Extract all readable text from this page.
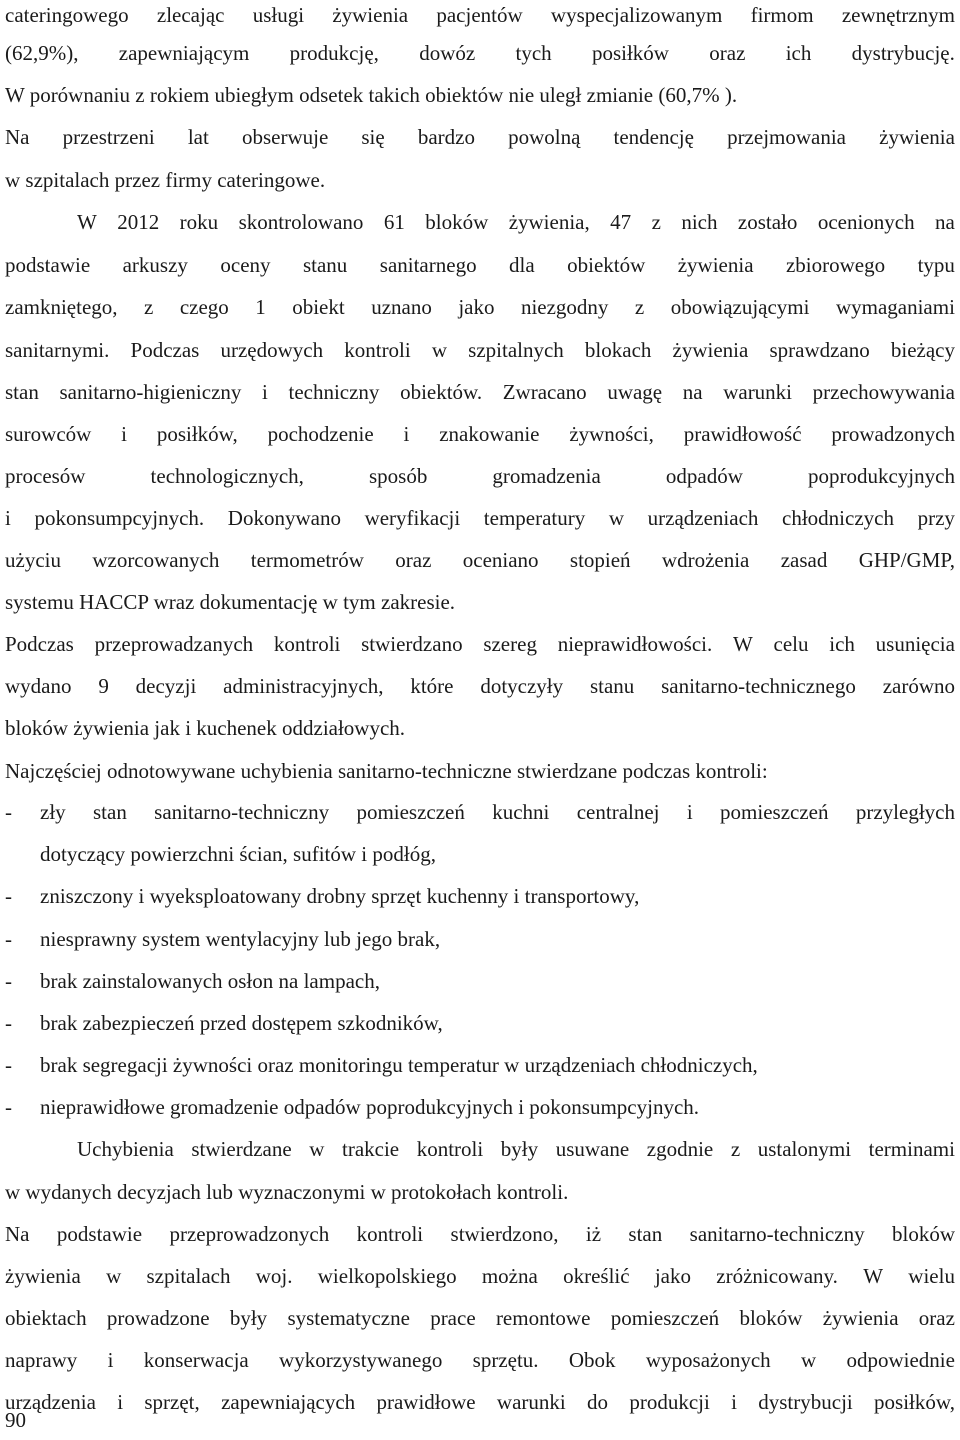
cateringowego zlecając usługi żywienia pacjentów wyspecjalizowanym firmom zewnętrznym
(62,9%), zapewniającym produkcję, dowóz tych posiłków oraz ich dystrybucję.
W porównaniu z rokiem ubiegłym odsetek takich obiektów nie uległ zmianie (60,7% ).
Na przestrzeni lat obserwuje się bardzo powolną tendencję przejmowania żywienia
w szpitalach przez firmy cateringowe.
W 2012 roku skontrolowano 61 bloków żywienia, 47 z nich zostało ocenionych na
podstawie arkuszy oceny stanu sanitarnego dla obiektów żywienia zbiorowego typu
zamkniętego, z czego 1 obiekt uznano jako niezgodny z obowiązującymi wymaganiami
sanitarnymi. Podczas urzędowych kontroli w szpitalnych blokach żywienia sprawdzano bieżący
stan sanitarno-higieniczny i techniczny obiektów. Zwracano uwagę na warunki przechowywania
surowców i posiłków, pochodzenie i znakowanie żywności, prawidłowość prowadzonych
procesów	technologicznych,	sposób	gromadzenia	odpadów	poprodukcyjnych
i pokonsumpcyjnych. Dokonywano weryfikacji temperatury w urządzeniach chłodniczych przy
użyciu wzorcowanych termometrów oraz oceniano stopień wdrożenia zasad GHP/GMP,
systemu HACCP wraz dokumentację w tym zakresie.
Podczas przeprowadzanych kontroli stwierdzano szereg nieprawidłowości. W celu ich usunięcia
wydano 9 decyzji administracyjnych, które dotyczyły stanu sanitarno-technicznego zarówno
bloków żywienia jak i kuchenek oddziałowych.
Najczęściej odnotowywane uchybienia sanitarno-techniczne stwierdzane podczas kontroli:
-	zły stan sanitarno-techniczny pomieszczeń kuchni centralnej i pomieszczeń przyległych
dotyczący powierzchni ścian, sufitów i podłóg,
-	zniszczony i wyeksploatowany drobny sprzęt kuchenny i transportowy,
-	niesprawny system wentylacyjny lub jego brak,
-	brak zainstalowanych osłon na lampach,
-	brak zabezpieczeń przed dostępem szkodników,
-	brak segregacji żywności oraz monitoringu temperatur w urządzeniach chłodniczych,
-	nieprawidłowe gromadzenie odpadów poprodukcyjnych i pokonsumpcyjnych.
Uchybienia stwierdzane w trakcie kontroli były usuwane zgodnie z ustalonymi terminami
w wydanych decyzjach lub wyznaczonymi w protokołach kontroli.
Na podstawie przeprowadzonych kontroli stwierdzono, iż stan sanitarno-techniczny bloków
żywienia w szpitalach woj. wielkopolskiego można określić jako zróżnicowany. W wielu
obiektach prowadzone były systematyczne prace remontowe pomieszczeń bloków żywienia oraz
naprawy i konserwacja wykorzystywanego sprzętu. Obok wyposażonych w odpowiednie
urządzenia i sprzęt, zapewniających prawidłowe warunki do produkcji i dystrybucji posiłków,
90
